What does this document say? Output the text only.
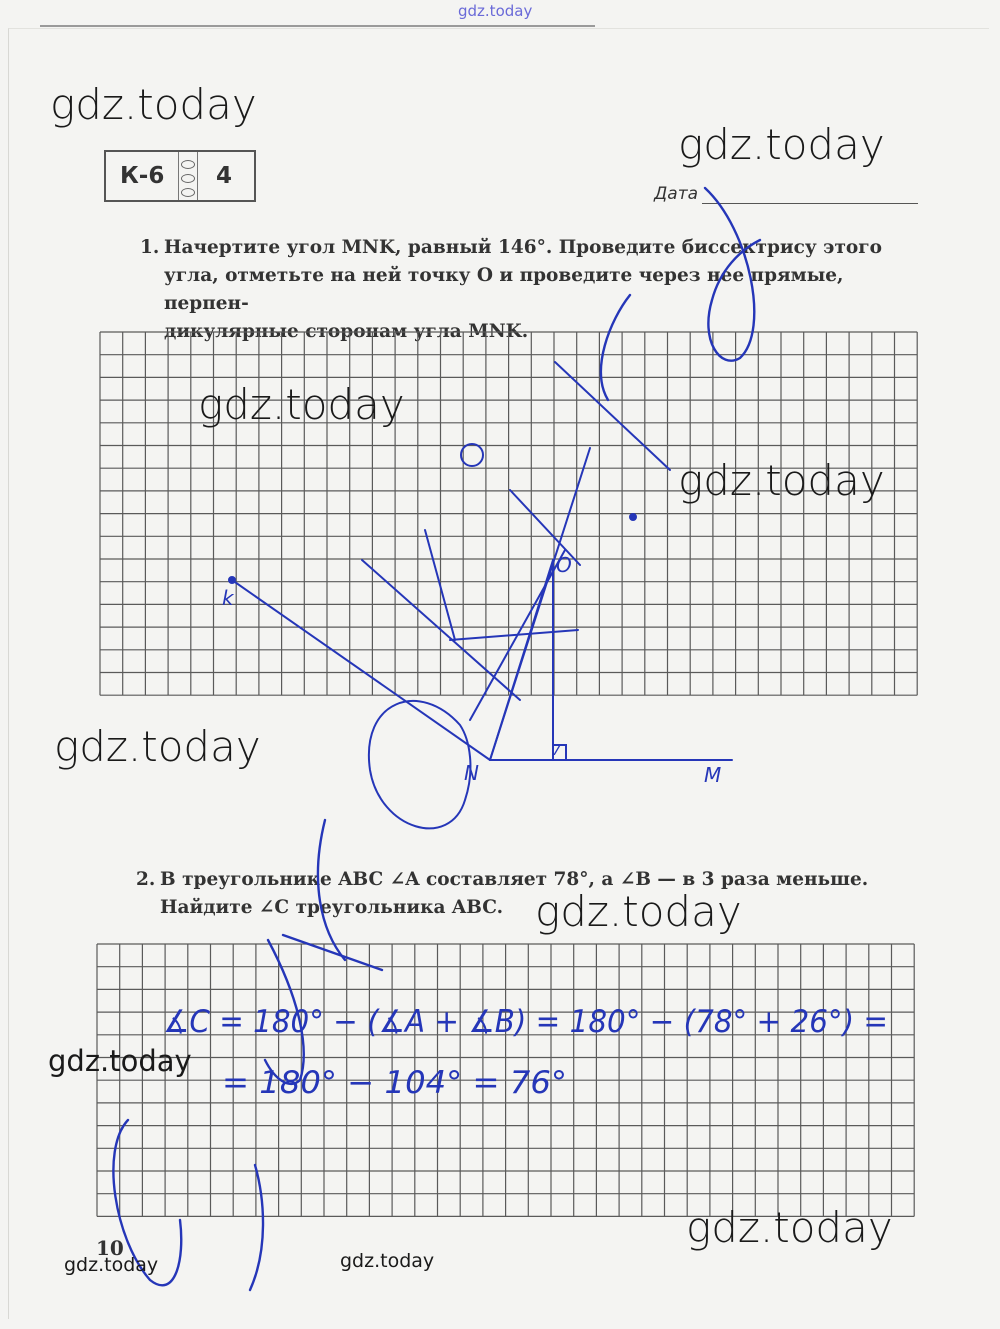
gdz.today
К-6	4
Дата

1. Начертите угол MNK, равный 146°. Проведите биссектрису этого

угла, отметьте на ней точку O и проведите через нее прямые, перпен-

дикулярные сторонам угла MNK.

2. В треугольнике ABC ∠A составляет 78°, а ∠B — в 3 раза меньше.

Найдите ∠C треугольника ABC.

k
N	M
O
7
∡C = 180° − (∡A + ∡B) = 180° − (78° + 26°) =
= 180° − 104° = 76°
gdz.today
gdz.today
gdz.today
gdz.today
gdz.today
gdz.today
gdz.today
gdz.today
gdz.today	gdz.today
10
